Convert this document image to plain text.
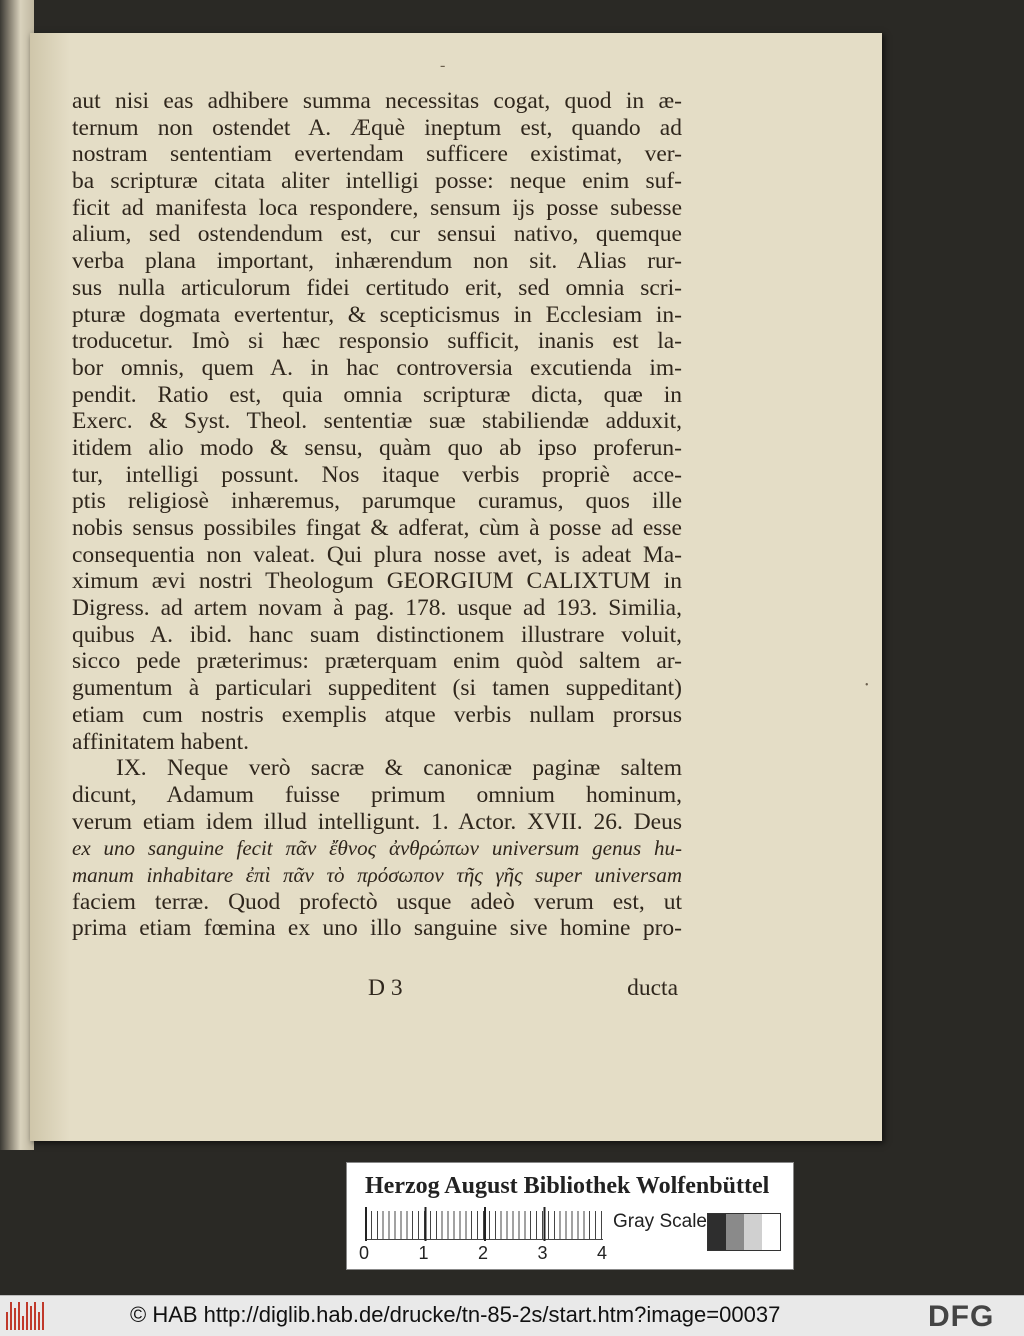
-
•
aut nisi eas adhibere summa necessitas cogat, quod in æ-
ternum non ostendet A. Æquè ineptum est, quando ad
nostram sententiam evertendam sufficere existimat, ver-
ba scripturæ citata aliter intelligi posse: neque enim suf-
ficit ad manifesta loca respondere, sensum ijs posse subesse
alium, sed ostendendum est, cur sensui nativo, quemque
verba plana important, inhærendum non sit. Alias rur-
sus nulla articulorum fidei certitudo erit, sed omnia scri-
pturæ dogmata evertentur, & scepticismus in Ecclesiam in-
troducetur. Imò si hæc responsio sufficit, inanis est la-
bor omnis, quem A. in hac controversia excutienda im-
pendit. Ratio est, quia omnia scripturæ dicta, quæ in
Exerc. & Syst. Theol. sententiæ suæ stabiliendæ adduxit,
itidem alio modo & sensu, quàm quo ab ipso proferun-
tur, intelligi possunt. Nos itaque verbis propriè acce-
ptis religiosè inhæremus, parumque curamus, quos ille
nobis sensus possibiles fingat & adferat, cùm à posse ad esse
consequentia non valeat. Qui plura nosse avet, is adeat Ma-
ximum ævi nostri Theologum GEORGIUM CALIXTUM in
Digress. ad artem novam à pag. 178. usque ad 193. Similia,
quibus A. ibid. hanc suam distinctionem illustrare voluit,
sicco pede præterimus: præterquam enim quòd saltem ar-
gumentum à particulari suppeditent (si tamen suppeditant)
etiam cum nostris exemplis atque verbis nullam prorsus
affinitatem habent.
IX. Neque verò sacræ & canonicæ paginæ saltem
dicunt, Adamum fuisse primum omnium hominum,
verum etiam idem illud intelligunt. 1. Actor. XVII. 26. Deus
ex uno sanguine fecit πᾶν ἔθνος ἀνθρώπων universum genus hu-
manum inhabitare ἐπὶ πᾶν τὸ πρόσωπον τῆς γῆς super universam
faciem terræ. Quod profectò usque adeò verum est, ut
prima etiam fœmina ex uno illo sanguine sive homine pro-
D 3	ducta
Herzog August Bibliothek Wolfenbüttel
0	1	2	3	4
Gray Scale
© HAB http://diglib.hab.de/drucke/tn-85-2s/start.htm?image=00037	DFG
